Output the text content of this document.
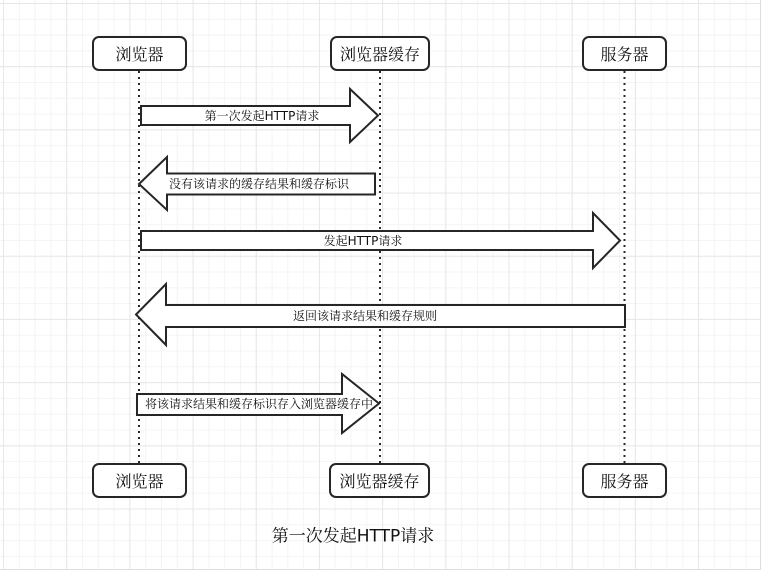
浏览器	浏览器缓存	服务器
浏览器	浏览器缓存	服务器
第一次发起HTTP请求
没有该请求的缓存结果和缓存标识
发起HTTP请求
返回该请求结果和缓存规则
将该请求结果和缓存标识存入浏览器缓存中
第一次发起HTTP请求
